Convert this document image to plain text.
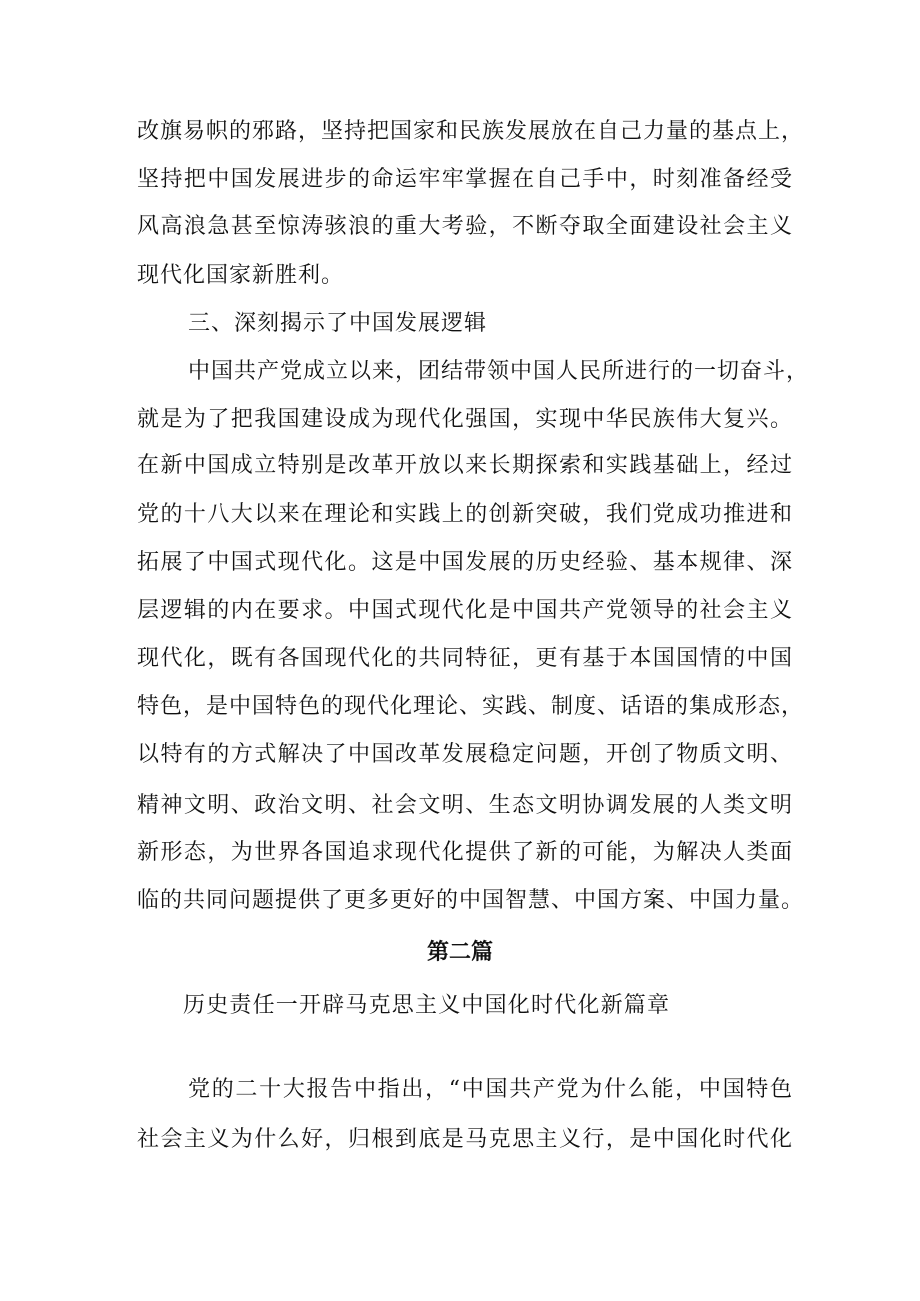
改旗易帜的邪路，坚持把国家和民族发展放在自己力量的基点上，
坚持把中国发展进步的命运牢牢掌握在自己手中，时刻准备经受
风高浪急甚至惊涛骇浪的重大考验，不断夺取全面建设社会主义
现代化国家新胜利。
三、深刻揭示了中国发展逻辑
中国共产党成立以来，团结带领中国人民所进行的一切奋斗，
就是为了把我国建设成为现代化强国，实现中华民族伟大复兴。
在新中国成立特别是改革开放以来长期探索和实践基础上，经过
党的十八大以来在理论和实践上的创新突破，我们党成功推进和
拓展了中国式现代化。这是中国发展的历史经验、基本规律、深
层逻辑的内在要求。中国式现代化是中国共产党领导的社会主义
现代化，既有各国现代化的共同特征，更有基于本国国情的中国
特色，是中国特色的现代化理论、实践、制度、话语的集成形态，
以特有的方式解决了中国改革发展稳定问题，开创了物质文明、
精神文明、政治文明、社会文明、生态文明协调发展的人类文明
新形态，为世界各国追求现代化提供了新的可能，为解决人类面
临的共同问题提供了更多更好的中国智慧、中国方案、中国力量。
第二篇
历史责任一开辟马克思主义中国化时代化新篇章
党的二十大报告中指出，“中国共产党为什么能，中国特色
社会主义为什么好，归根到底是马克思主义行，是中国化时代化
